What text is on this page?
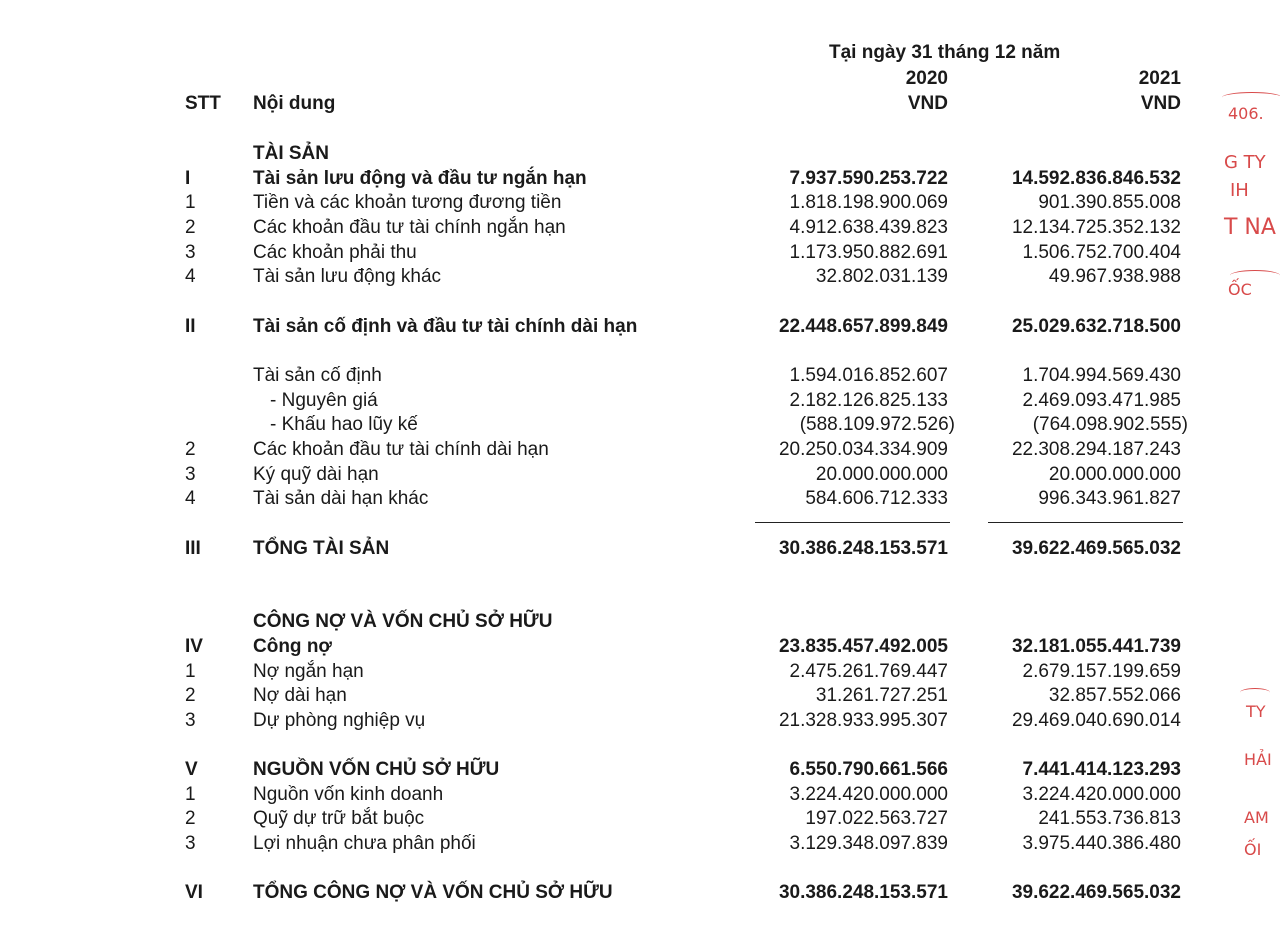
Tại ngày 31 tháng 12 năm
2020	2021
STT Nội dung	VND	VND
TÀI SẢN
I	Tài sản lưu động và đầu tư ngắn hạn	7.937.590.253.722	14.592.836.846.532
1	Tiền và các khoản tương đương tiền	1.818.198.900.069	901.390.855.008
2	Các khoản đầu tư tài chính ngắn hạn	4.912.638.439.823	12.134.725.352.132
3	Các khoản phải thu	1.173.950.882.691	1.506.752.700.404
4	Tài sản lưu động khác	32.802.031.139	49.967.938.988
II	Tài sản cố định và đầu tư tài chính dài hạn	22.448.657.899.849	25.029.632.718.500
Tài sản cố định	1.594.016.852.607	1.704.994.569.430
- Nguyên giá	2.182.126.825.133	2.469.093.471.985
- Khấu hao lũy kế	(588.109.972.526)	(764.098.902.555)
2	Các khoản đầu tư tài chính dài hạn	20.250.034.334.909	22.308.294.187.243
3	Ký quỹ dài hạn	20.000.000.000	20.000.000.000
4	Tài sản dài hạn khác	584.606.712.333	996.343.961.827
III	TỔNG TÀI SẢN	30.386.248.153.571	39.622.469.565.032
CÔNG NỢ VÀ VỐN CHỦ SỞ HỮU
IV	Công nợ	23.835.457.492.005	32.181.055.441.739
1	Nợ ngắn hạn	2.475.261.769.447	2.679.157.199.659
2	Nợ dài hạn	31.261.727.251	32.857.552.066
3	Dự phòng nghiệp vụ	21.328.933.995.307	29.469.040.690.014
V	NGUỒN VỐN CHỦ SỞ HỮU	6.550.790.661.566	7.441.414.123.293
1	Nguồn vốn kinh doanh	3.224.420.000.000	3.224.420.000.000
2	Quỹ dự trữ bắt buộc	197.022.563.727	241.553.736.813
3	Lợi nhuận chưa phân phối	3.129.348.097.839	3.975.440.386.480
VI	TỔNG CÔNG NỢ VÀ VỐN CHỦ SỞ HỮU	30.386.248.153.571	39.622.469.565.032
406.
G TY
IH
T NA
ỐC
TY
HẢI
AM
ỐI
